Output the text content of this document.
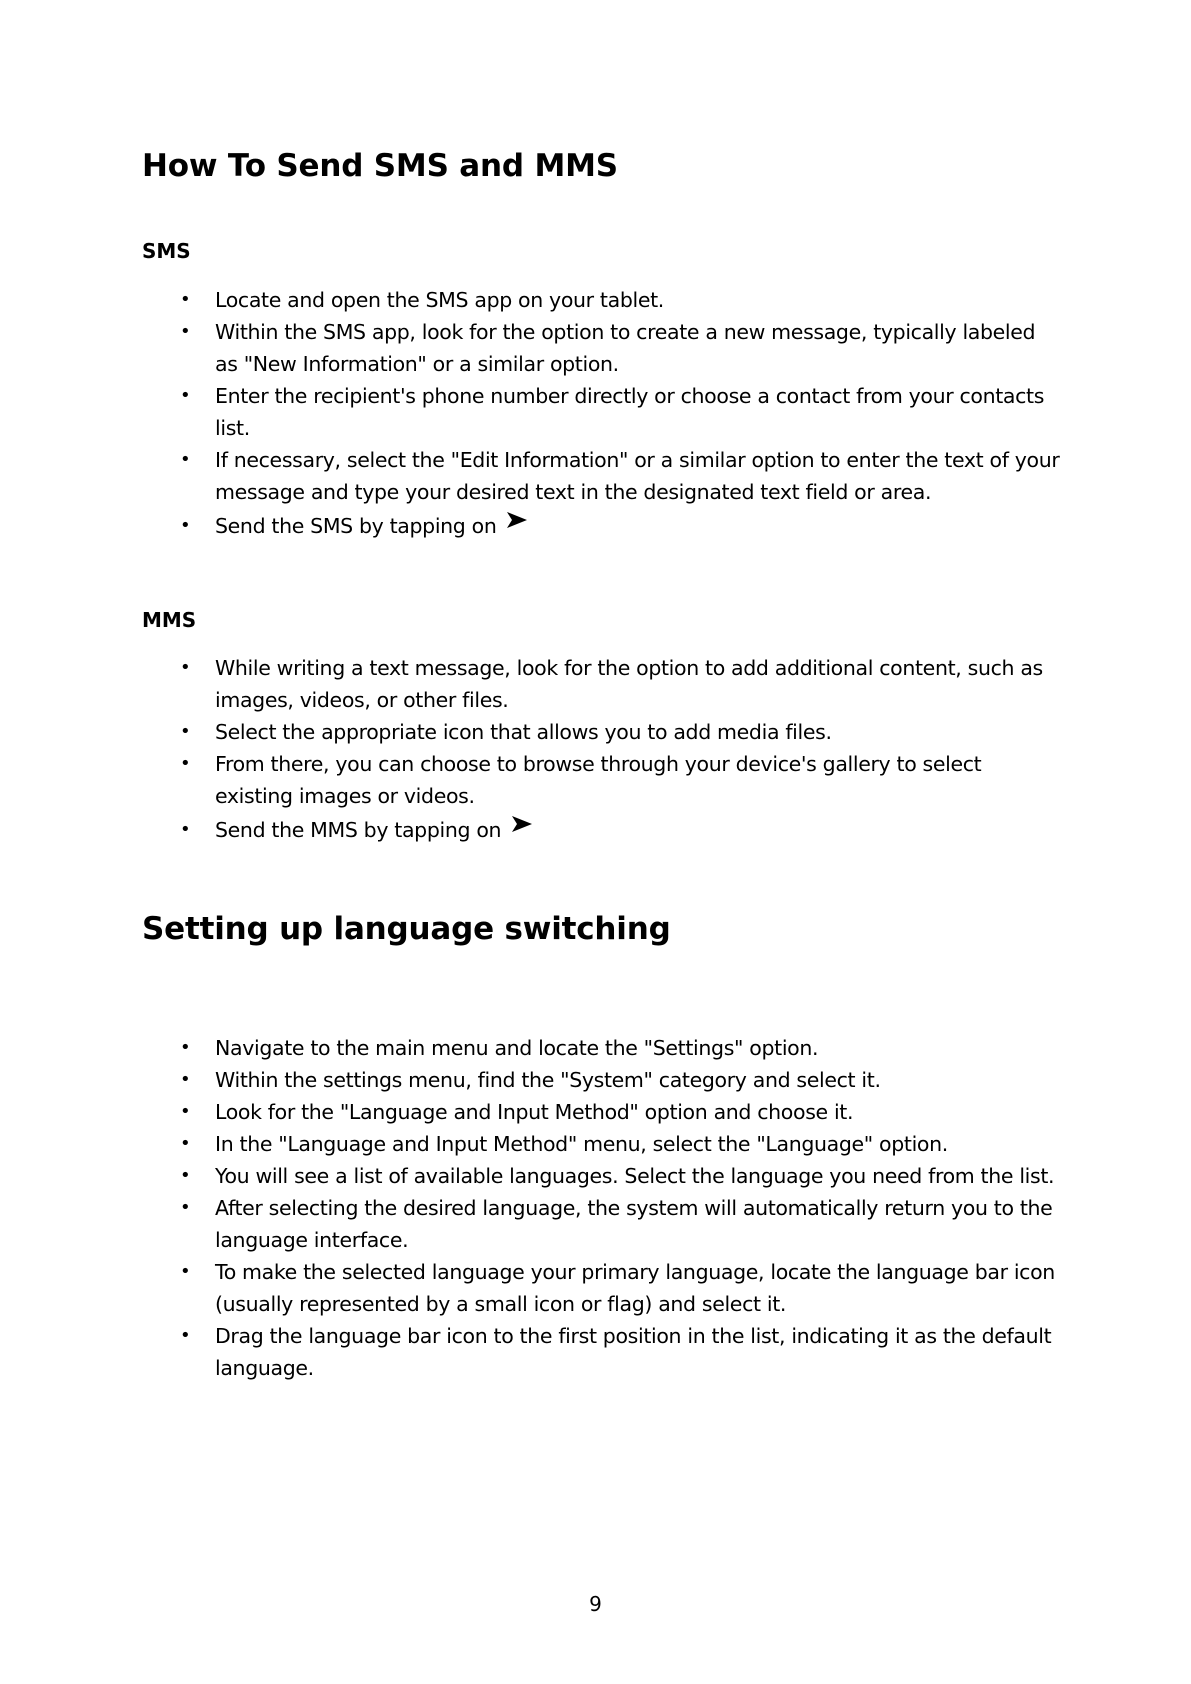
How To Send SMS and MMS
SMS
• Locate and open the SMS app on your tablet.
• Within the SMS app, look for the option to create a new message, typically labeled as "New Information" or a similar option.
• Enter the recipient's phone number directly or choose a contact from your contacts list.
• If necessary, select the "Edit Information" or a similar option to enter the text of your message and type your desired text in the designated text field or area.
• Send the SMS by tapping on
MMS
• While writing a text message, look for the option to add additional content, such as images, videos, or other files.
• Select the appropriate icon that allows you to add media files.
• From there, you can choose to browse through your device's gallery to select existing images or videos.
• Send the MMS by tapping on
Setting up language switching
• Navigate to the main menu and locate the "Settings" option.
• Within the settings menu, find the "System" category and select it.
• Look for the "Language and Input Method" option and choose it.
• In the "Language and Input Method" menu, select the "Language" option.
• You will see a list of available languages. Select the language you need from the list.
• After selecting the desired language, the system will automatically return you to the language interface.
• To make the selected language your primary language, locate the language bar icon (usually represented by a small icon or flag) and select it.
• Drag the language bar icon to the first position in the list, indicating it as the default language.
9
